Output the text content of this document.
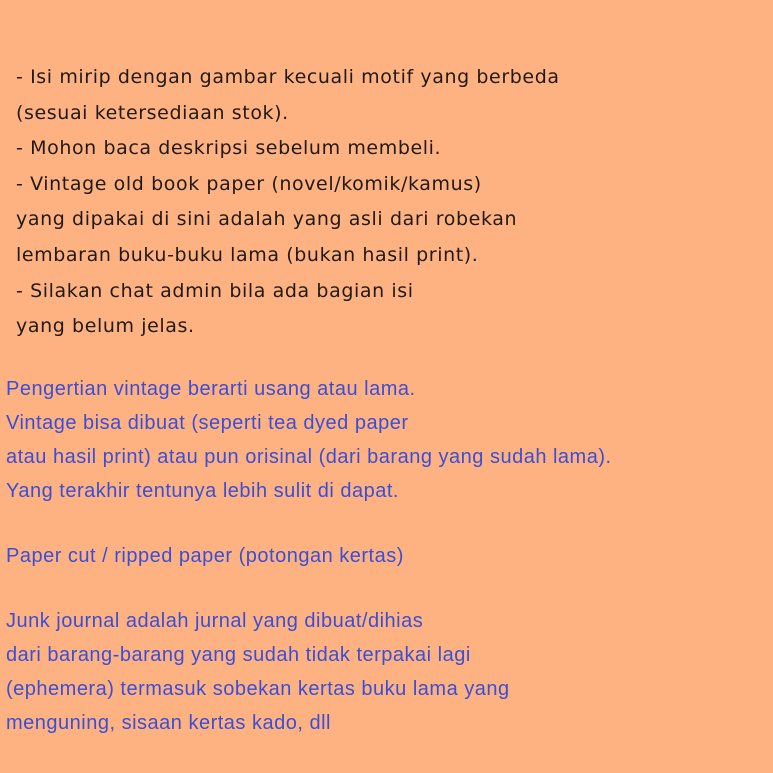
- Isi mirip dengan gambar kecuali motif yang berbeda
(sesuai ketersediaan stok).
- Mohon baca deskripsi sebelum membeli.
- Vintage old book paper (novel/komik/kamus)
yang dipakai di sini adalah yang asli dari robekan
lembaran buku-buku lama (bukan hasil print).
- Silakan chat admin bila ada bagian isi
yang belum jelas.
Pengertian vintage berarti usang atau lama.
Vintage bisa dibuat (seperti tea dyed paper
atau hasil print) atau pun orisinal (dari barang yang sudah lama).
Yang terakhir tentunya lebih sulit di dapat.
Paper cut / ripped paper (potongan kertas)
Junk journal adalah jurnal yang dibuat/dihias
dari barang-barang yang sudah tidak terpakai lagi
(ephemera) termasuk sobekan kertas buku lama yang
menguning, sisaan kertas kado, dll
